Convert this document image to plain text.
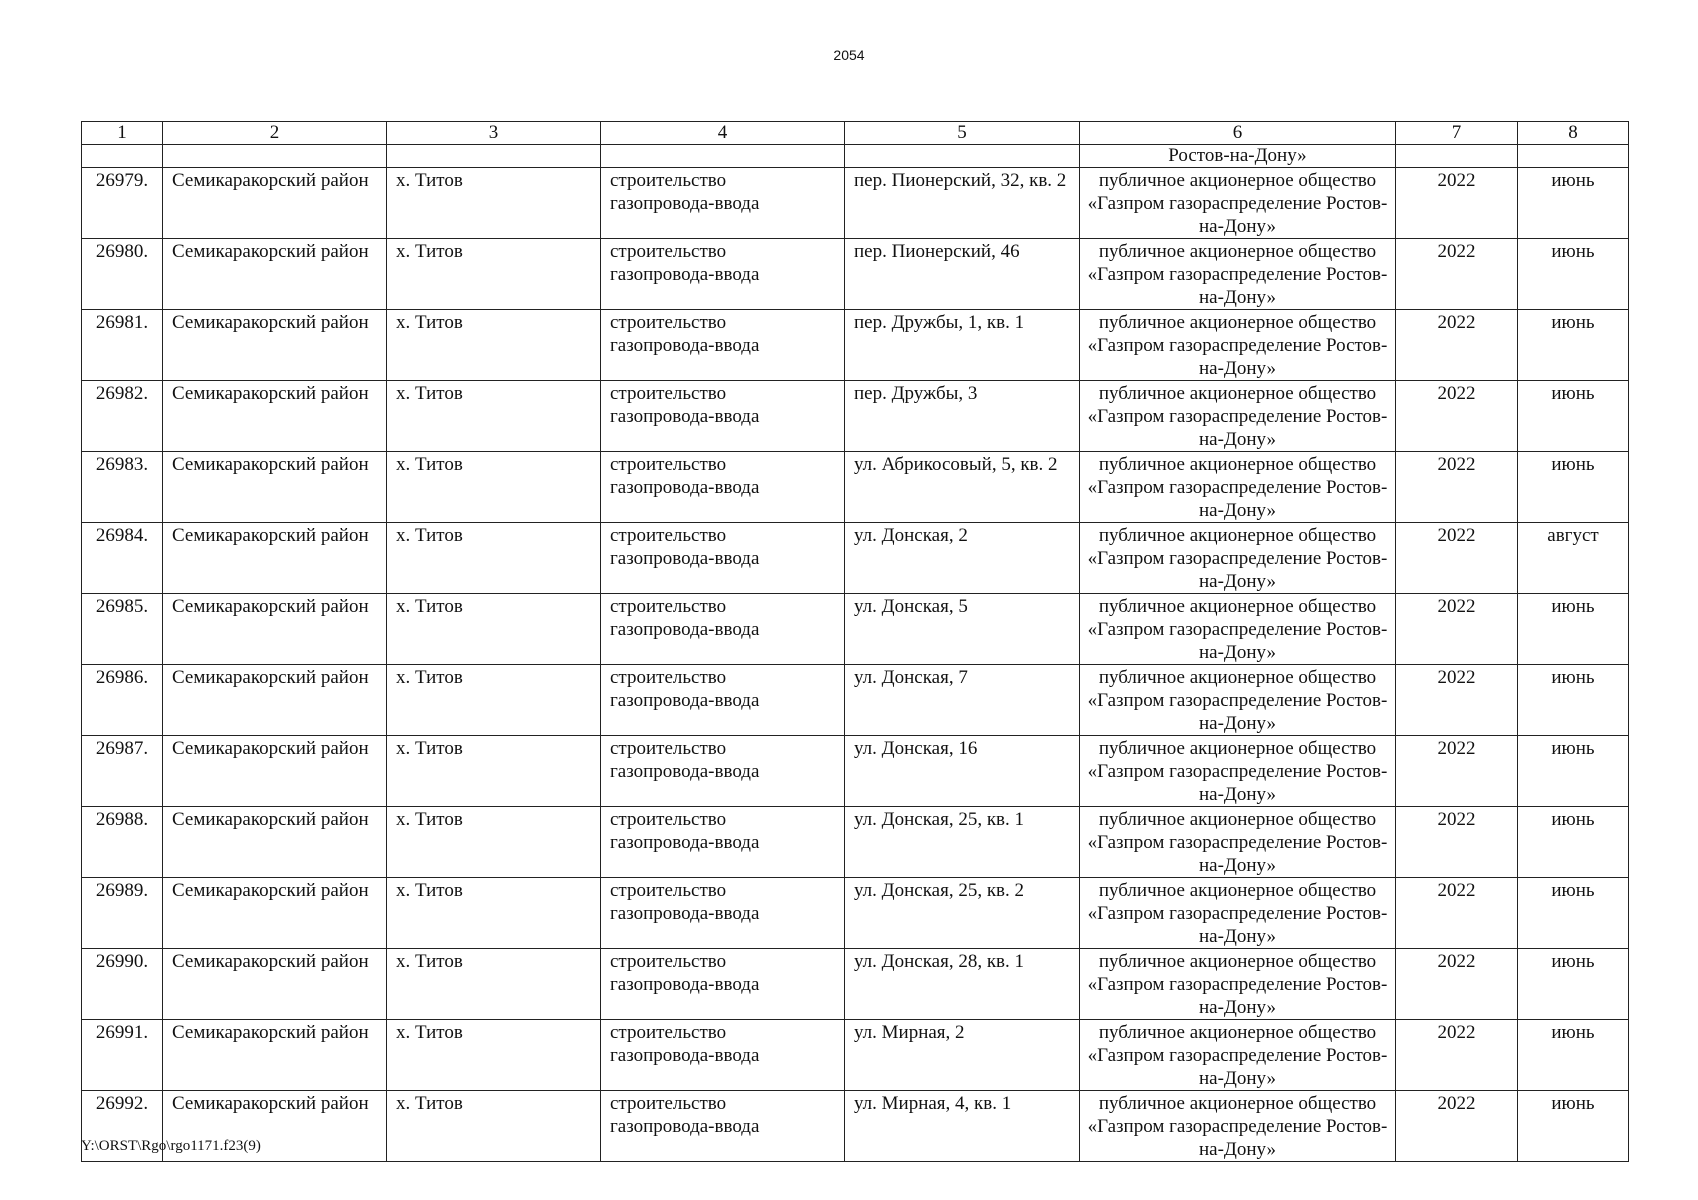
2054
1	2	3	4	5	6	7	8
					Ростов-на-Дону»		
26979.	Семикаракорский район	х. Титов	строительство газопровода-ввода	пер. Пионерский, 32, кв. 2	публичное акционерное общество «Газпром газораспределение Ростов-на-Дону»	2022	июнь
26980.	Семикаракорский район	х. Титов	строительство газопровода-ввода	пер. Пионерский, 46	публичное акционерное общество «Газпром газораспределение Ростов-на-Дону»	2022	июнь
26981.	Семикаракорский район	х. Титов	строительство газопровода-ввода	пер. Дружбы, 1, кв. 1	публичное акционерное общество «Газпром газораспределение Ростов-на-Дону»	2022	июнь
26982.	Семикаракорский район	х. Титов	строительство газопровода-ввода	пер. Дружбы, 3	публичное акционерное общество «Газпром газораспределение Ростов-на-Дону»	2022	июнь
26983.	Семикаракорский район	х. Титов	строительство газопровода-ввода	ул. Абрикосовый, 5, кв. 2	публичное акционерное общество «Газпром газораспределение Ростов-на-Дону»	2022	июнь
26984.	Семикаракорский район	х. Титов	строительство газопровода-ввода	ул. Донская, 2	публичное акционерное общество «Газпром газораспределение Ростов-на-Дону»	2022	август
26985.	Семикаракорский район	х. Титов	строительство газопровода-ввода	ул. Донская, 5	публичное акционерное общество «Газпром газораспределение Ростов-на-Дону»	2022	июнь
26986.	Семикаракорский район	х. Титов	строительство газопровода-ввода	ул. Донская, 7	публичное акционерное общество «Газпром газораспределение Ростов-на-Дону»	2022	июнь
26987.	Семикаракорский район	х. Титов	строительство газопровода-ввода	ул. Донская, 16	публичное акционерное общество «Газпром газораспределение Ростов-на-Дону»	2022	июнь
26988.	Семикаракорский район	х. Титов	строительство газопровода-ввода	ул. Донская, 25, кв. 1	публичное акционерное общество «Газпром газораспределение Ростов-на-Дону»	2022	июнь
26989.	Семикаракорский район	х. Титов	строительство газопровода-ввода	ул. Донская, 25, кв. 2	публичное акционерное общество «Газпром газораспределение Ростов-на-Дону»	2022	июнь
26990.	Семикаракорский район	х. Титов	строительство газопровода-ввода	ул. Донская, 28, кв. 1	публичное акционерное общество «Газпром газораспределение Ростов-на-Дону»	2022	июнь
26991.	Семикаракорский район	х. Титов	строительство газопровода-ввода	ул. Мирная, 2	публичное акционерное общество «Газпром газораспределение Ростов-на-Дону»	2022	июнь
26992.	Семикаракорский район	х. Титов	строительство газопровода-ввода	ул. Мирная, 4, кв. 1	публичное акционерное общество «Газпром газораспределение Ростов-на-Дону»	2022	июнь
Y:\ORST\Rgo\rgo1171.f23(9)
